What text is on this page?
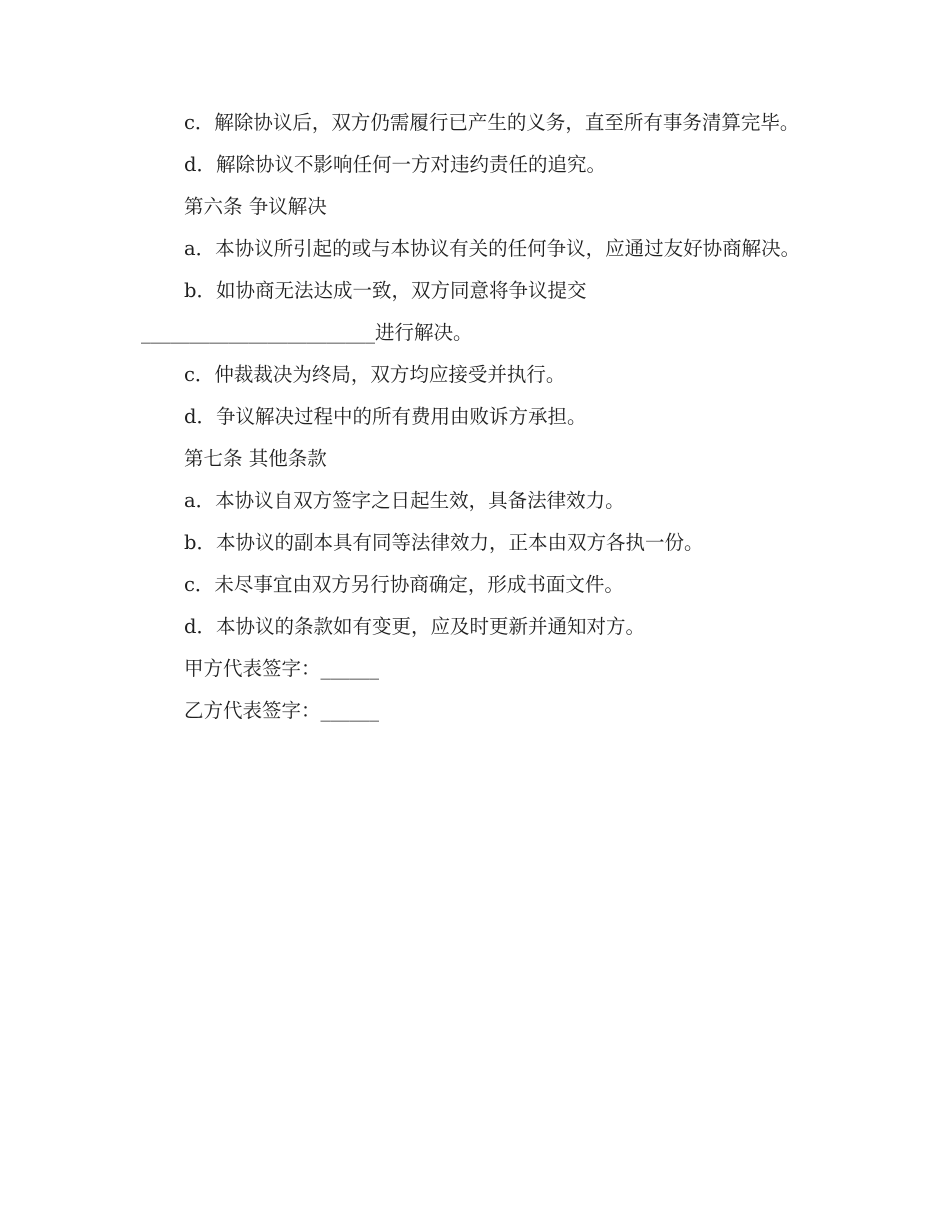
c．解除协议后，双方仍需履行已产生的义务，直至所有事务清算完毕。

d．解除协议不影响任何一方对违约责任的追究。

第六条 争议解决

a．本协议所引起的或与本协议有关的任何争议，应通过友好协商解决。

b．如协商无法达成一致，双方同意将争议提交

________________________进行解决。

c．仲裁裁决为终局，双方均应接受并执行。

d．争议解决过程中的所有费用由败诉方承担。

第七条 其他条款

a．本协议自双方签字之日起生效，具备法律效力。

b．本协议的副本具有同等法律效力，正本由双方各执一份。

c．未尽事宜由双方另行协商确定，形成书面文件。

d．本协议的条款如有变更，应及时更新并通知对方。

甲方代表签字：______

乙方代表签字：______
